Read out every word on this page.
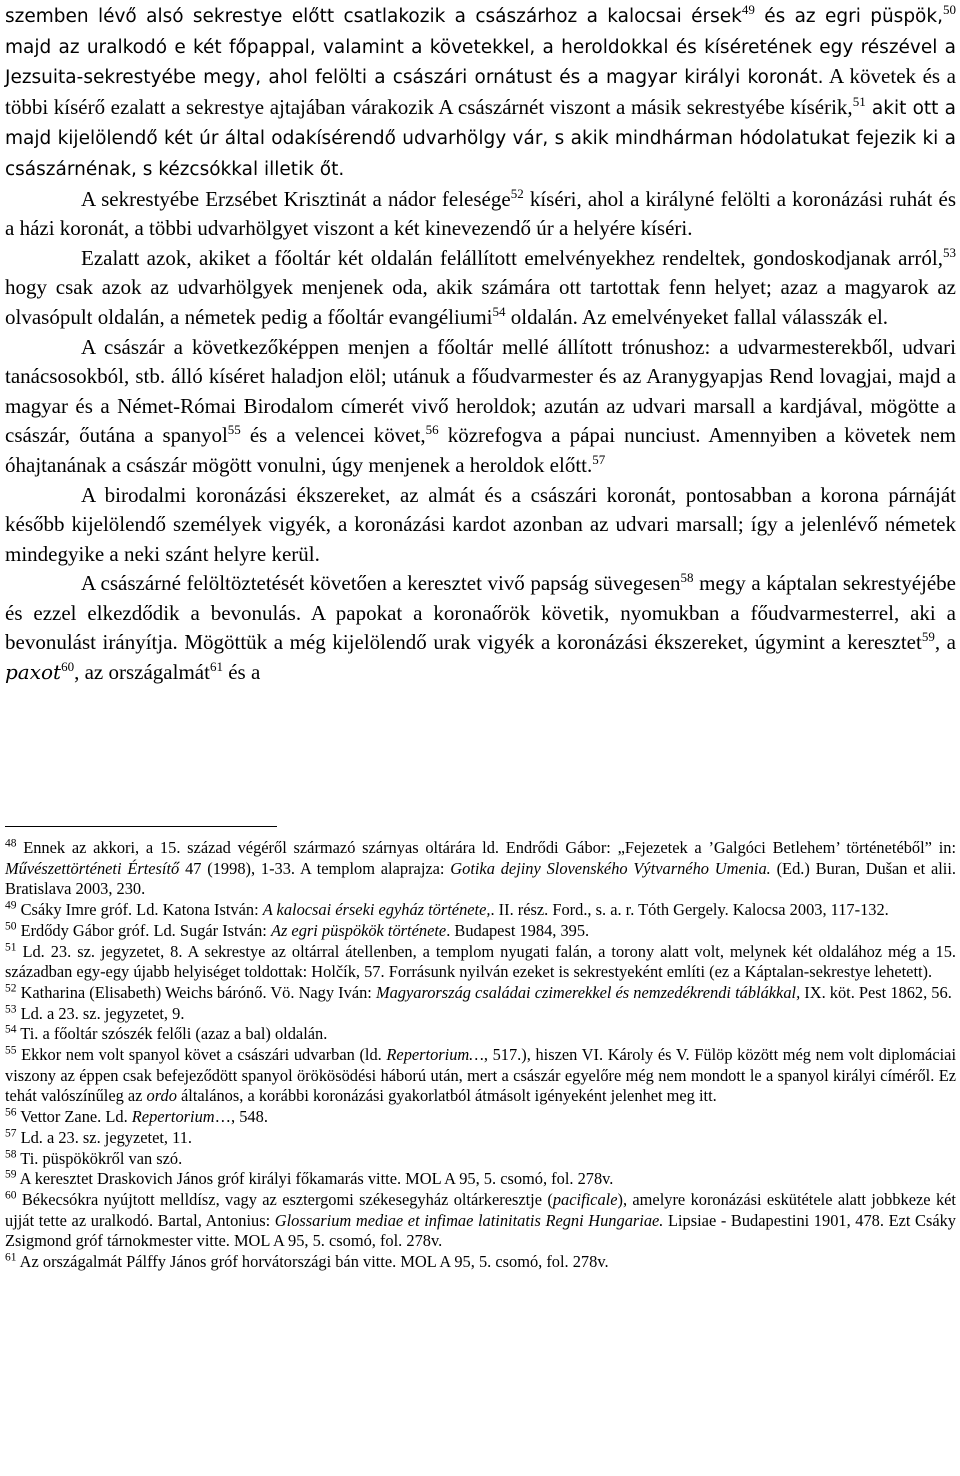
szemben lévő alsó sekrestye előtt csatlakozik a császárhoz a kalocsai érsek$^{49}$ és az egri püspök,$^{50}$ majd az uralkodó e két főpappal, valamint a követekkel, a heroldokkal és kíséretének egy részével a Jezsuita-sekrestyébe megy, ahol felölti a császári ornátust és a magyar királyi koronát. A követek és a többi kísérő ezalatt a sekrestye ajtajában várakozik A császárnét viszont a másik sekrestyébe kísérik,$^{51}$ akit ott a majd kijelölendő két úr által odakísérendő udvarhölgy vár, s akik mindhárman hódolatukat fejezik ki a császárnénak, s kézcsókkal illetik őt.

A sekrestyébe Erzsébet Krisztinát a nádor felesége$^{52}$ kíséri, ahol a királyné felölti a koronázási ruhát és a házi koronát, a többi udvarhölgyet viszont a két kinevezendő úr a helyére kíséri.

Ezalatt azok, akiket a főoltár két oldalán felállított emelvényekhez rendeltek, gondoskodjanak arról,$^{53}$ hogy csak azok az udvarhölgyek menjenek oda, akik számára ott tartottak fenn helyet; azaz a magyarok az olvasópult oldalán, a németek pedig a főoltár evangéliumi$^{54}$ oldalán. Az emelvényeket fallal válasszák el.

A császár a következőképpen menjen a főoltár mellé állított trónushoz: a udvarmesterekből, udvari tanácsosokból, stb. álló kíséret haladjon elöl; utánuk a főudvarmester és az Aranygyapjas Rend lovagjai, majd a magyar és a Német-Római Birodalom címerét vivő heroldok; azután az udvari marsall a kardjával, mögötte a császár, őutána a spanyol$^{55}$ és a velencei követ,$^{56}$ közrefogva a pápai nunciust. Amennyiben a követek nem óhajtanának a császár mögött vonulni, úgy menjenek a heroldok előtt.$^{57}$

A birodalmi koronázási ékszereket, az almát és a császári koronát, pontosabban a korona párnáját később kijelölendő személyek vigyék, a koronázási kardot azonban az udvari marsall; így a jelenlévő németek mindegyike a neki szánt helyre kerül.

A császárné felöltöztetését követően a keresztet vivő papság süvegesen$^{58}$ megy a káptalan sekrestyéjébe és ezzel elkezdődik a bevonulás. A papokat a koronaőrök követik, nyomukban a főudvarmesterrel, aki a bevonulást irányítja. Mögöttük a még kijelölendő urak vigyék a koronázási ékszereket, úgymint a keresztet$^{59}$, a paxot$^{60}$, az országalmát$^{61}$ és a

$^{48}$ Ennek az akkori, a 15. század végéről származó szárnyas oltárára ld. Endrődi Gábor: „Fejezetek a ’Galgóci Betlehem’ történetéből” in: Művészettörténeti Értesítő 47 (1998), 1-33. A templom alaprajza: Gotika dejiny Slovenského Výtvarného Umenia. (Ed.) Buran, Dušan et alii. Bratislava 2003, 230.

$^{49}$ Csáky Imre gróf. Ld. Katona István: A kalocsai érseki egyház története,. II. rész. Ford., s. a. r. Tóth Gergely. Kalocsa 2003, 117-132.

$^{50}$ Erdődy Gábor gróf. Ld. Sugár István: Az egri püspökök története. Budapest 1984, 395.

$^{51}$ Ld. 23. sz. jegyzetet, 8. A sekrestye az oltárral átellenben, a templom nyugati falán, a torony alatt volt, melynek két oldalához még a 15. században egy-egy újabb helyiséget toldottak: Holčík, 57. Forrásunk nyilván ezeket is sekrestyeként említi (ez a Káptalan-sekrestye lehetett).

$^{52}$ Katharina (Elisabeth) Weichs bárónő. Vö. Nagy Iván: Magyarország családai czimerekkel és nemzedékrendi táblákkal, IX. köt. Pest 1862, 56.

$^{53}$ Ld. a 23. sz. jegyzetet, 9.

$^{54}$ Ti. a főoltár szószék felőli (azaz a bal) oldalán.

$^{55}$ Ekkor nem volt spanyol követ a császári udvarban (ld. Repertorium…, 517.), hiszen VI. Károly és V. Fülöp között még nem volt diplomáciai viszony az éppen csak befejeződött spanyol örökösödési háború után, mert a császár egyelőre még nem mondott le a spanyol királyi címéről. Ez tehát valószínűleg az ordo általános, a korábbi koronázási gyakorlatból átmásolt igényeként jelenhet meg itt.

$^{56}$ Vettor Zane. Ld. Repertorium…, 548.

$^{57}$ Ld. a 23. sz. jegyzetet, 11.

$^{58}$ Ti. püspökökről van szó.

$^{59}$ A keresztet Draskovich János gróf királyi főkamarás vitte. MOL A 95, 5. csomó, fol. 278v.

$^{60}$ Békecsókra nyújtott melldísz, vagy az esztergomi székesegyház oltárkeresztje (pacificale), amelyre koronázási eskütétele alatt jobbkeze két ujját tette az uralkodó. Bartal, Antonius: Glossarium mediae et infimae latinitatis Regni Hungariae. Lipsiae - Budapestini 1901, 478. Ezt Csáky Zsigmond gróf tárnokmester vitte. MOL A 95, 5. csomó, fol. 278v.

$^{61}$ Az országalmát Pálffy János gróf horvátországi bán vitte. MOL A 95, 5. csomó, fol. 278v.
